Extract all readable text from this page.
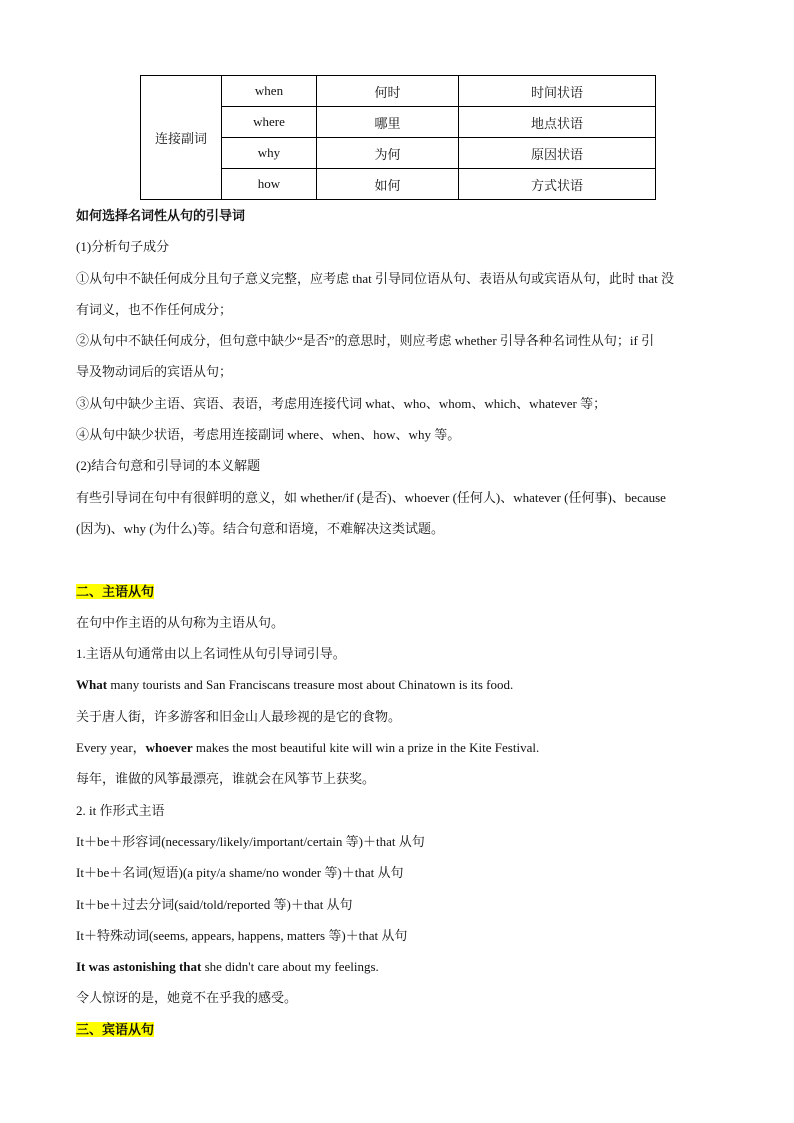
连接副词	when	何时	时间状语
	where	哪里	地点状语
	why	为何	原因状语
	how	如何	方式状语

如何选择名词性从句的引导词

(1)分析句子成分

①从句中不缺任何成分且句子意义完整，应考虑 that 引导同位语从句、表语从句或宾语从句，此时 that 没

有词义，也不作任何成分；

②从句中不缺任何成分，但句意中缺少“是否”的意思时，则应考虑 whether 引导各种名词性从句；if 引

导及物动词后的宾语从句；

③从句中缺少主语、宾语、表语，考虑用连接代词 what、who、whom、which、whatever 等；

④从句中缺少状语，考虑用连接副词 where、when、how、why 等。

(2)结合句意和引导词的本义解题

有些引导词在句中有很鲜明的意义，如 whether/if (是否)、whoever (任何人)、whatever (任何事)、because

(因为)、why (为什么)等。结合句意和语境，不难解决这类试题。

二、主语从句

在句中作主语的从句称为主语从句。

1.主语从句通常由以上名词性从句引导词引导。

What many tourists and San Franciscans treasure most about Chinatown is its food.

关于唐人街，许多游客和旧金山人最珍视的是它的食物。

Every year，whoever makes the most beautiful kite will win a prize in the Kite Festival.

每年，谁做的风筝最漂亮，谁就会在风筝节上获奖。

2. it 作形式主语

It＋be＋形容词(necessary/likely/important/certain 等)＋that 从句

It＋be＋名词(短语)(a pity/a shame/no wonder 等)＋that 从句

It＋be＋过去分词(said/told/reported 等)＋that 从句

It＋特殊动词(seems, appears, happens, matters 等)＋that 从句

It was astonishing that she didn't care about my feelings.

令人惊讶的是，她竟不在乎我的感受。

三、宾语从句
